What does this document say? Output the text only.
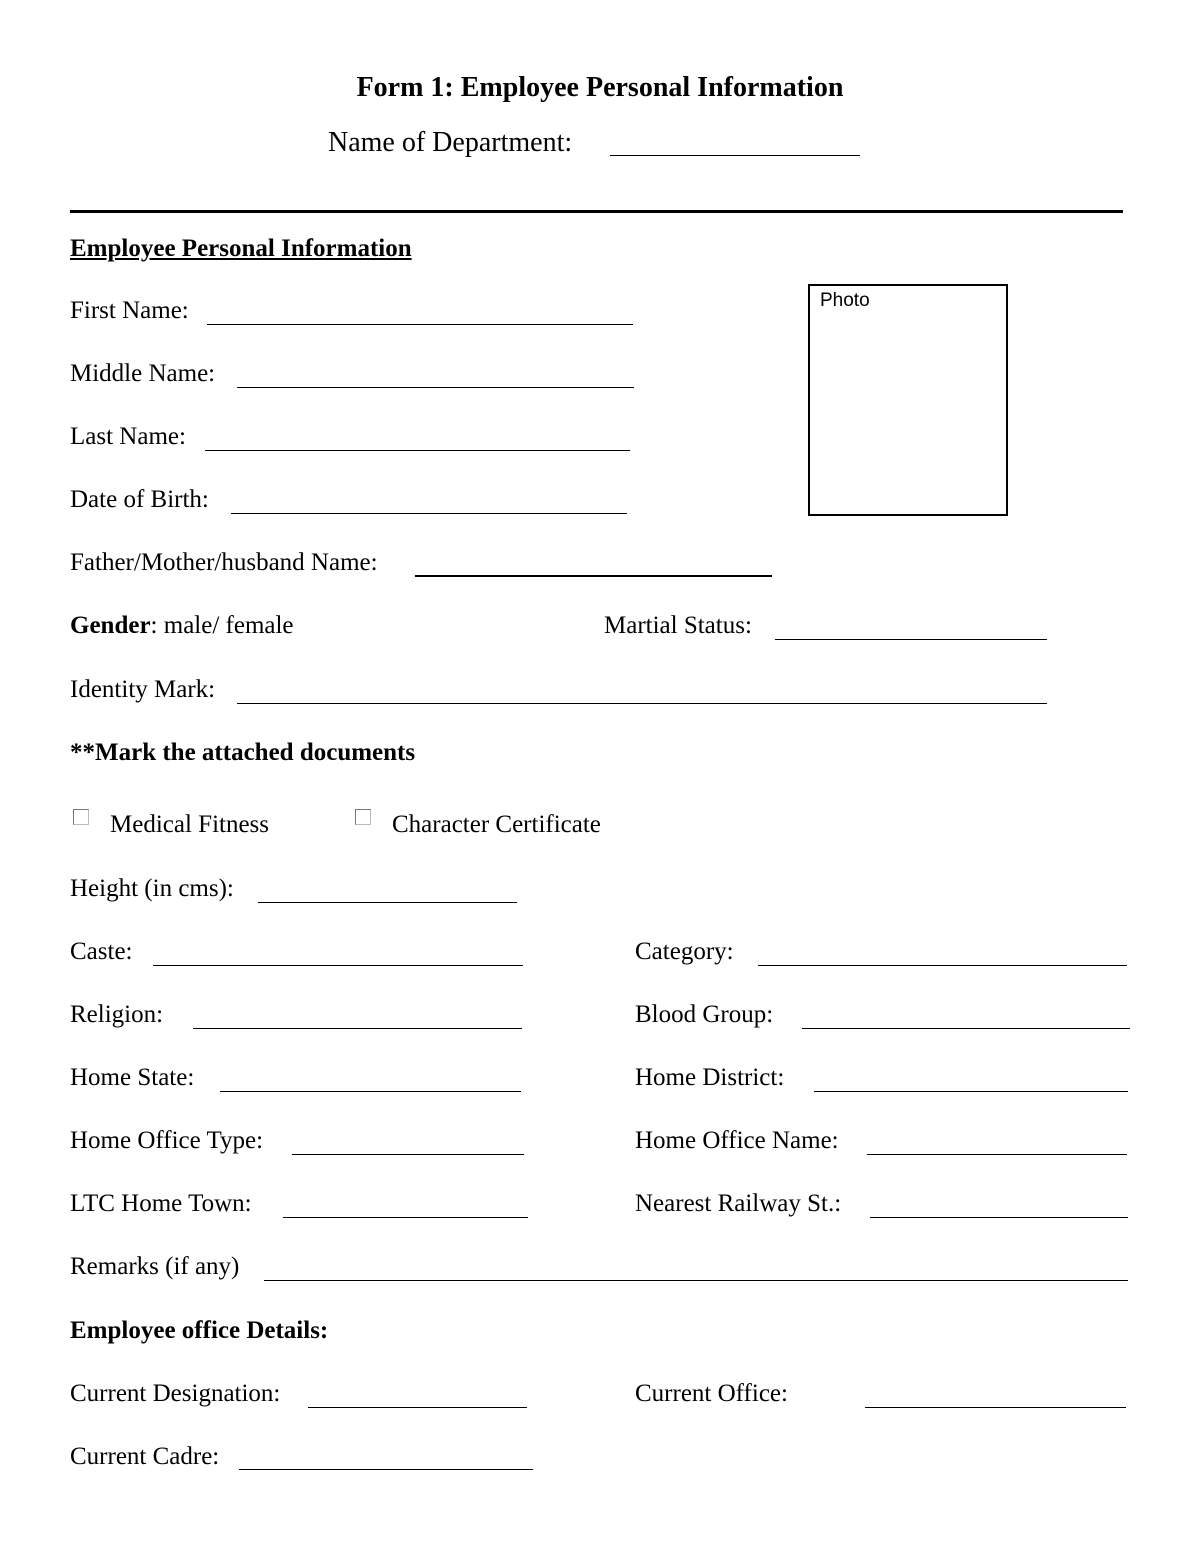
Form 1: Employee Personal Information
Name of Department:
Employee Personal Information
Photo
First Name:
Middle Name:
Last Name:
Date of Birth:
Father/Mother/husband Name:
Gender: male/ female	Martial Status:
Identity Mark:
**Mark the attached documents
Medical Fitness	Character Certificate
Height (in cms):
Caste:	Category:
Religion:	Blood Group:
Home State:	Home District:
Home Office Type:	Home Office Name:
LTC Home Town:	Nearest Railway St.:
Remarks (if any)
Employee office Details:
Current Designation:	Current Office:
Current Cadre:
